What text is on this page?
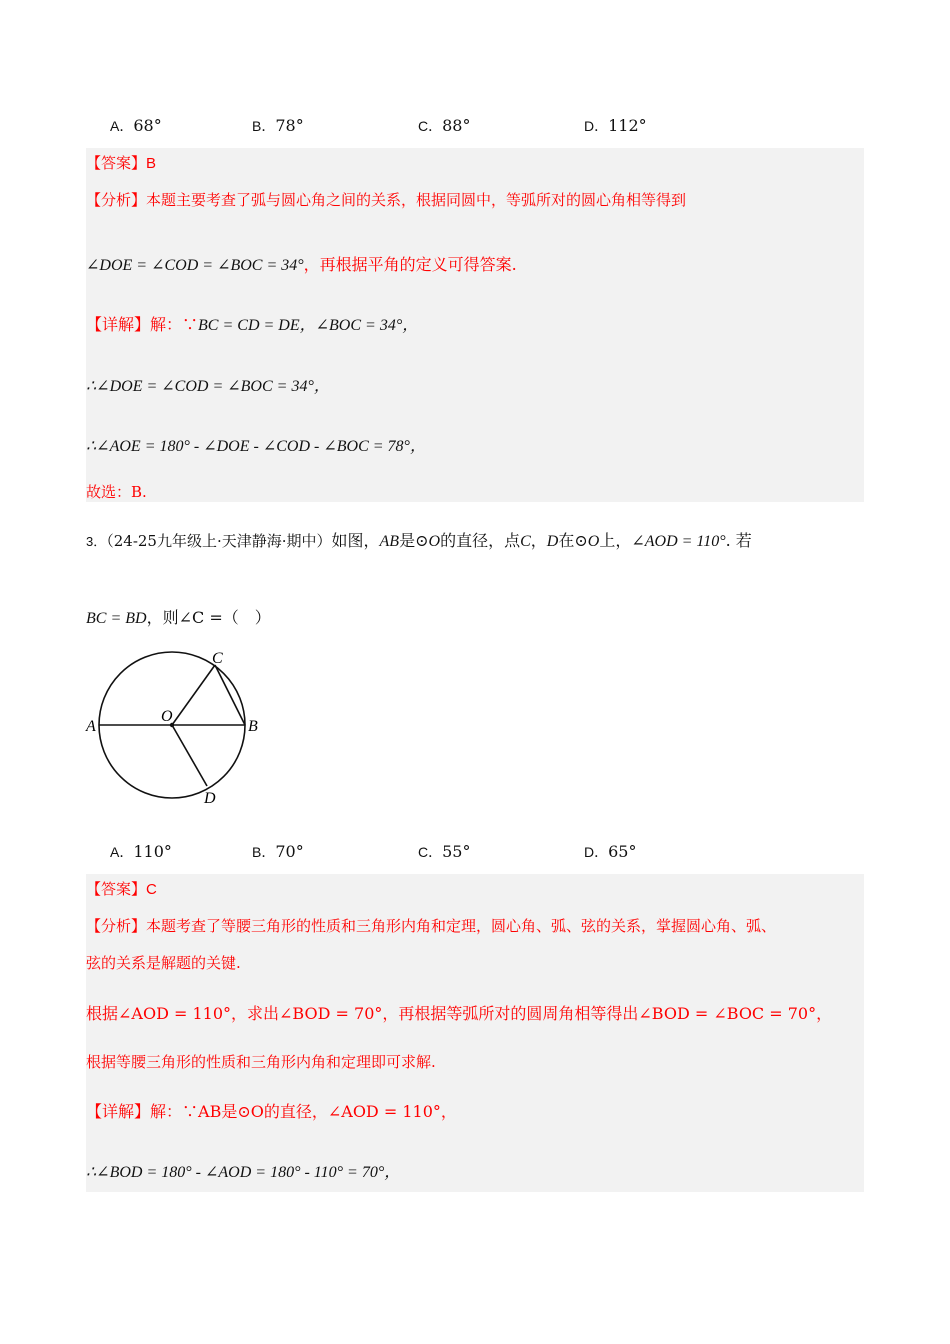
A．68°	B．78°	C．88°	D．112°
【答案】B
【分析】本题主要考查了弧与圆心角之间的关系，根据同圆中，等弧所对的圆心角相等得到
∠DOE = ∠COD = ∠BOC = 34°，再根据平角的定义可得答案.
【详解】解：∵BC = CD = DE，∠BOC = 34°，
∴∠DOE = ∠COD = ∠BOC = 34°，
∴∠AOE = 180° - ∠DOE - ∠COD - ∠BOC = 78°，
故选：B.
3．（24-25九年级上·天津静海·期中）如图，AB是⊙O的直径，点C，D在⊙O上，∠AOD = 110°. 若
BC = BD，则∠C =（　）
A	B
C
D
O
A．110°	B．70°	C．55°	D．65°
【答案】C
【分析】本题考查了等腰三角形的性质和三角形内角和定理，圆心角、弧、弦的关系，掌握圆心角、弧、
弦的关系是解题的关键.
根据∠AOD = 110°，求出∠BOD = 70°，再根据等弧所对的圆周角相等得出∠BOD = ∠BOC = 70°，
根据等腰三角形的性质和三角形内角和定理即可求解.
【详解】解：∵AB是⊙O的直径，∠AOD = 110°，
∴∠BOD = 180° - ∠AOD = 180° - 110° = 70°，
